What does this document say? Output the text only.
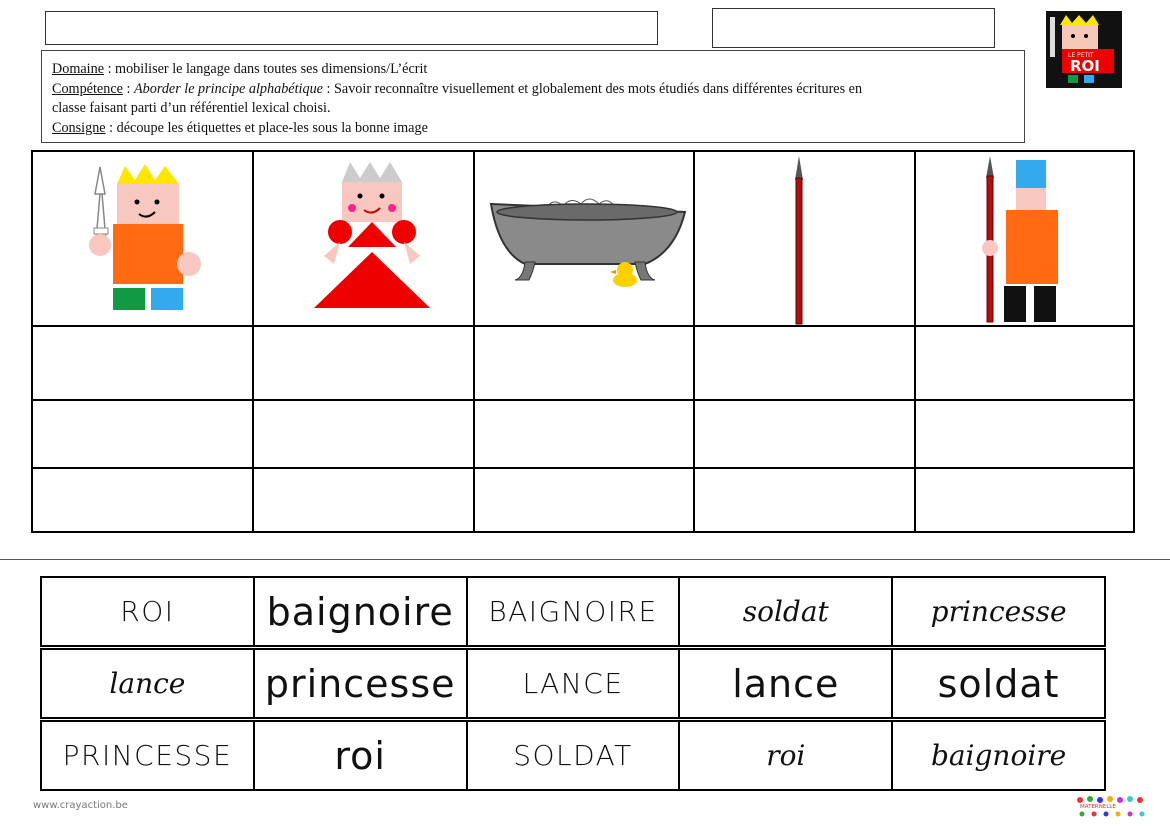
LE PETIT
ROI
Domaine : mobiliser le langage dans toutes ses dimensions/L’écrit
Compétence : Aborder le principe alphabétique : Savoir reconnaître visuellement et globalement des mots étudiés dans différentes écritures en
classe faisant parti d’un référentiel lexical choisi.
Consigne : découpe les étiquettes et place-les sous la bonne image
ROI	baignoire	BAIGNOIRE	soldat	princesse
lance	princesse	LANCE	lance	soldat
PRINCESSE	roi	SOLDAT	roi	baignoire
www.crayaction.be	MATERNELLE
